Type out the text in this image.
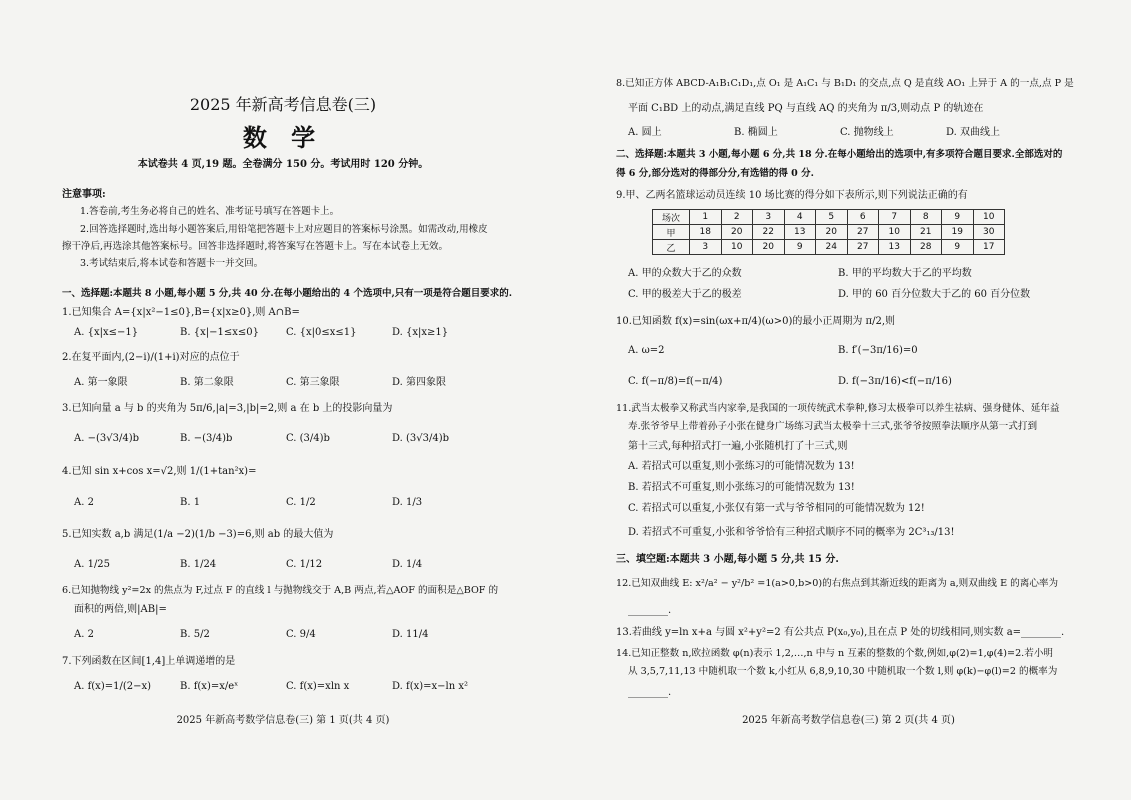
2025 年新高考信息卷(三)
数 学
本试卷共 4 页,19 题。全卷满分 150 分。考试用时 120 分钟。
注意事项:
1.答卷前,考生务必将自己的姓名、准考证号填写在答题卡上。
2.回答选择题时,选出每小题答案后,用铅笔把答题卡上对应题目的答案标号涂黑。如需改动,用橡皮
擦干净后,再选涂其他答案标号。回答非选择题时,将答案写在答题卡上。写在本试卷上无效。
3.考试结束后,将本试卷和答题卡一并交回。
一、选择题:本题共 8 小题,每小题 5 分,共 40 分.在每小题给出的 4 个选项中,只有一项是符合题目要求的.
1.已知集合 A={x|x²−1≤0},B={x|x≥0},则 A∩B=
A. {x|x≤−1}	B. {x|−1≤x≤0}	C. {x|0≤x≤1}	D. {x|x≥1}
2.在复平面内,(2−i)/(1+i)对应的点位于
A. 第一象限	B. 第二象限	C. 第三象限	D. 第四象限
3.已知向量 a 与 b 的夹角为 5π/6,|a|=3,|b|=2,则 a 在 b 上的投影向量为
A. −(3√3/4)b	B. −(3/4)b	C. (3/4)b	D. (3√3/4)b
4.已知 sin x+cos x=√2,则 1/(1+tan²x)=
A. 2	B. 1	C. 1/2	D. 1/3
5.已知实数 a,b 满足(1/a −2)(1/b −3)=6,则 ab 的最大值为
A. 1/25	B. 1/24	C. 1/12	D. 1/4
6.已知抛物线 y²=2x 的焦点为 F,过点 F 的直线 l 与抛物线交于 A,B 两点,若△AOF 的面积是△BOF 的
面积的两倍,则|AB|=
A. 2	B. 5/2	C. 9/4	D. 11/4
7.下列函数在区间[1,4]上单调递增的是
A. f(x)=1/(2−x)	B. f(x)=x/eˣ	C. f(x)=xln x	D. f(x)=x−ln x²
2025 年新高考数学信息卷(三) 第 1 页(共 4 页)
8.已知正方体 ABCD-A₁B₁C₁D₁,点 O₁ 是 A₁C₁ 与 B₁D₁ 的交点,点 Q 是直线 AO₁ 上异于 A 的一点,点 P 是
平面 C₁BD 上的动点,满足直线 PQ 与直线 AQ 的夹角为 π/3,则动点 P 的轨迹在
A. 圆上	B. 椭圆上	C. 抛物线上	D. 双曲线上
二、选择题:本题共 3 小题,每小题 6 分,共 18 分.在每小题给出的选项中,有多项符合题目要求.全部选对的
得 6 分,部分选对的得部分分,有选错的得 0 分.
9.甲、乙两名篮球运动员连续 10 场比赛的得分如下表所示,则下列说法正确的有
场次	1	2	3	4	5	6	7	8	9	10
甲	18	20	22	13	20	27	10	21	19	30
乙	3	10	20	9	24	27	13	28	9	17
A. 甲的众数大于乙的众数	B. 甲的平均数大于乙的平均数
C. 甲的极差大于乙的极差	D. 甲的 60 百分位数大于乙的 60 百分位数
10.已知函数 f(x)=sin(ωx+π/4)(ω>0)的最小正周期为 π/2,则
A. ω=2	B. f′(−3π/16)=0
C. f(−π/8)=f(−π/4)	D. f(−3π/16)<f(−π/16)
11.武当太极拳又称武当内家拳,是我国的一项传统武术拳种,修习太极拳可以养生祛病、强身健体、延年益
寿.张爷爷早上带着孙子小张在健身广场练习武当太极拳十三式,张爷爷按照拳法顺序从第一式打到
第十三式,每种招式打一遍,小张随机打了十三式,则
A. 若招式可以重复,则小张练习的可能情况数为 13!
B. 若招式不可重复,则小张练习的可能情况数为 13!
C. 若招式可以重复,小张仅有第一式与爷爷相同的可能情况数为 12!
D. 若招式不可重复,小张和爷爷恰有三种招式顺序不同的概率为 2C³₁₃/13!
三、填空题:本题共 3 小题,每小题 5 分,共 15 分.
12.已知双曲线 E: x²/a² − y²/b² =1(a>0,b>0)的右焦点到其渐近线的距离为 a,则双曲线 E 的离心率为
________.
13.若曲线 y=ln x+a 与圆 x²+y²=2 有公共点 P(x₀,y₀),且在点 P 处的切线相同,则实数 a=________.
14.已知正整数 n,欧拉函数 φ(n)表示 1,2,…,n 中与 n 互素的整数的个数,例如,φ(2)=1,φ(4)=2.若小明
从 3,5,7,11,13 中随机取一个数 k,小红从 6,8,9,10,30 中随机取一个数 l,则 φ(k)−φ(l)=2 的概率为
________.
2025 年新高考数学信息卷(三) 第 2 页(共 4 页)
